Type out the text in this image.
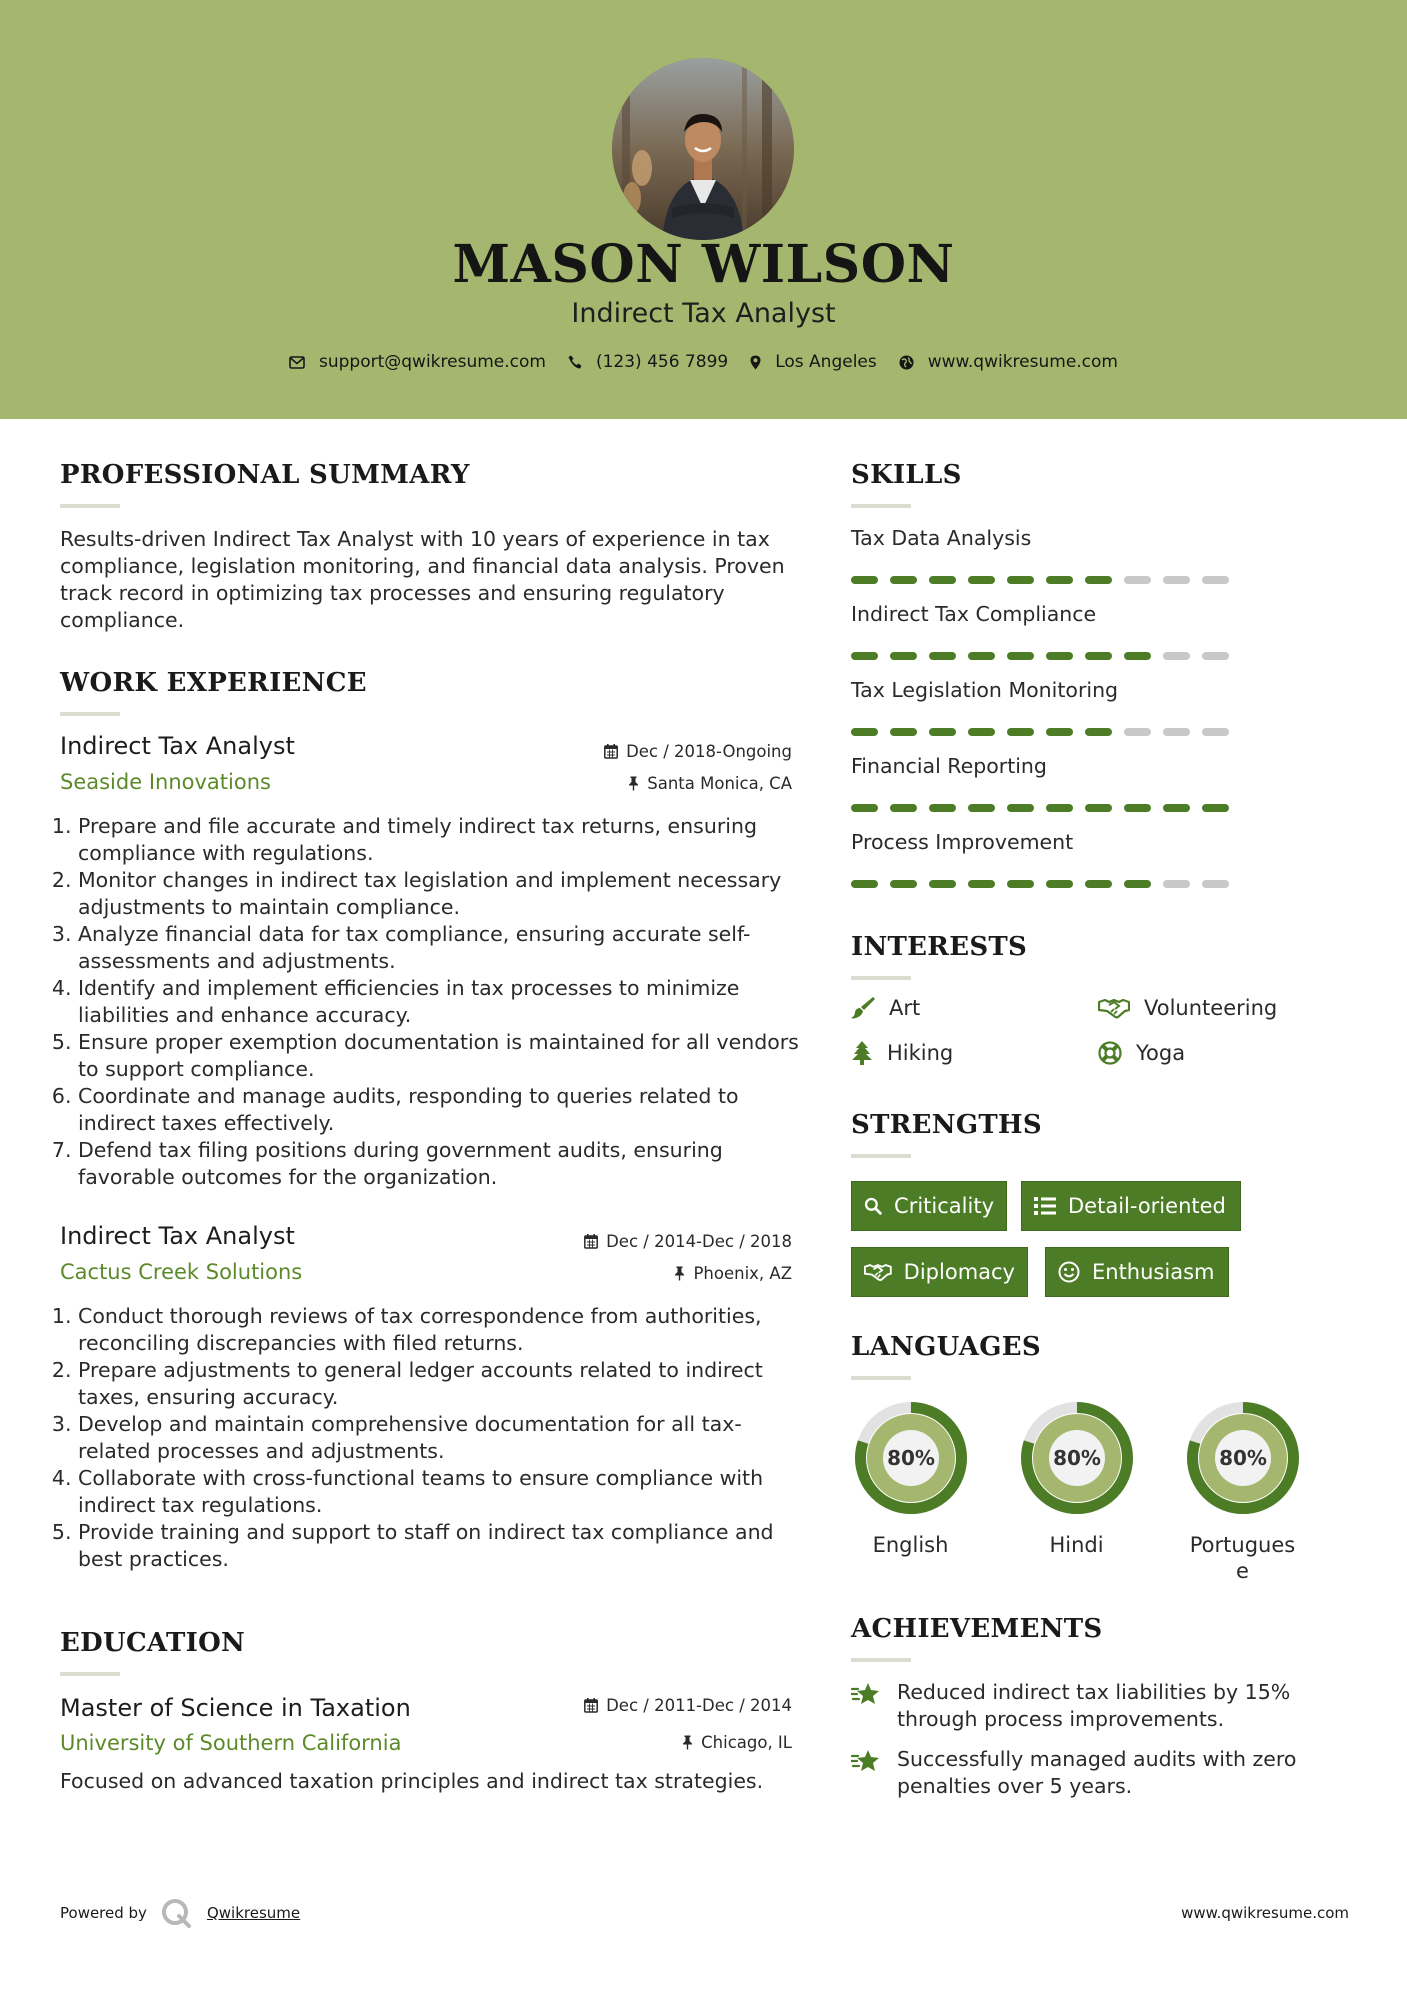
MASON WILSON
Indirect Tax Analyst
support@qwikresume.com	(123) 456 7899	Los Angeles	www.qwikresume.com
PROFESSIONAL SUMMARY
Results-driven Indirect Tax Analyst with 10 years of experience in tax compliance, legislation monitoring, and financial data analysis. Proven track record in optimizing tax processes and ensuring regulatory compliance.
WORK EXPERIENCE
Indirect Tax Analyst	Dec / 2018-Ongoing
Seaside Innovations	Santa Monica, CA
1. Prepare and file accurate and timely indirect tax returns, ensuring compliance with regulations.
2. Monitor changes in indirect tax legislation and implement necessary adjustments to maintain compliance.
3. Analyze financial data for tax compliance, ensuring accurate self-assessments and adjustments.
4. Identify and implement efficiencies in tax processes to minimize liabilities and enhance accuracy.
5. Ensure proper exemption documentation is maintained for all vendors to support compliance.
6. Coordinate and manage audits, responding to queries related to indirect taxes effectively.
7. Defend tax filing positions during government audits, ensuring favorable outcomes for the organization.
Indirect Tax Analyst	Dec / 2014-Dec / 2018
Cactus Creek Solutions	Phoenix, AZ
1. Conduct thorough reviews of tax correspondence from authorities, reconciling discrepancies with filed returns.
2. Prepare adjustments to general ledger accounts related to indirect taxes, ensuring accuracy.
3. Develop and maintain comprehensive documentation for all tax-related processes and adjustments.
4. Collaborate with cross-functional teams to ensure compliance with indirect tax regulations.
5. Provide training and support to staff on indirect tax compliance and best practices.
EDUCATION
Master of Science in Taxation	Dec / 2011-Dec / 2014
University of Southern California	Chicago, IL
Focused on advanced taxation principles and indirect tax strategies.
SKILLS
Tax Data Analysis
Indirect Tax Compliance
Tax Legislation Monitoring
Financial Reporting
Process Improvement
INTERESTS
Art	Volunteering
Hiking	Yoga
STRENGTHS
Criticality	Detail-oriented
Diplomacy	Enthusiasm
LANGUAGES
80%
English
80%
Hindi
80%
Portuguese
ACHIEVEMENTS
Reduced indirect tax liabilities by 15% through process improvements.
Successfully managed audits with zero penalties over 5 years.
Powered by	Qwikresume	www.qwikresume.com
